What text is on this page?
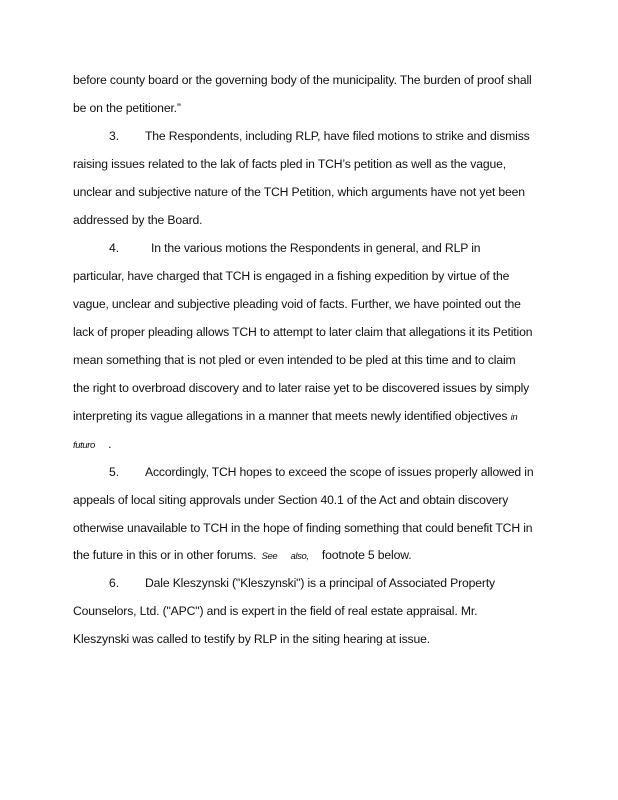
before county board or the governing body of the municipality. The burden of proof shall
be on the petitioner.”
3. The Respondents, including RLP, have filed motions to strike and dismiss
raising issues related to the lak of facts pled in TCH’s petition as well as the vague,
unclear and subjective nature of the TCH Petition, which arguments have not yet been
addressed by the Board.
4.	In the various motions the Respondents in general, and RLP in
particular, have charged that TCH is engaged in a fishing expedition by virtue of the
vague, unclear and subjective pleading void of facts. Further, we have pointed out the
lack of proper pleading allows TCH to attempt to later claim that allegations it its Petition
mean something that is not pled or even intended to be pled at this time and to claim
the right to overbroad discovery and to later raise yet to be discovered issues by simply
interpreting its vague allegations in a manner that meets newly identified objectives in
futuro .
5. Accordingly, TCH hopes to exceed the scope of issues properly allowed in
appeals of local siting approvals under Section 40.1 of the Act and obtain discovery
otherwise unavailable to TCH in the hope of finding something that could benefit TCH in
the future in this or in other forums. See also, footnote 5 below.
6. Dale Kleszynski ("Kleszynski") is a principal of Associated Property
Counselors, Ltd. ("APC") and is expert in the field of real estate appraisal. Mr.
Kleszynski was called to testify by RLP in the siting hearing at issue.
